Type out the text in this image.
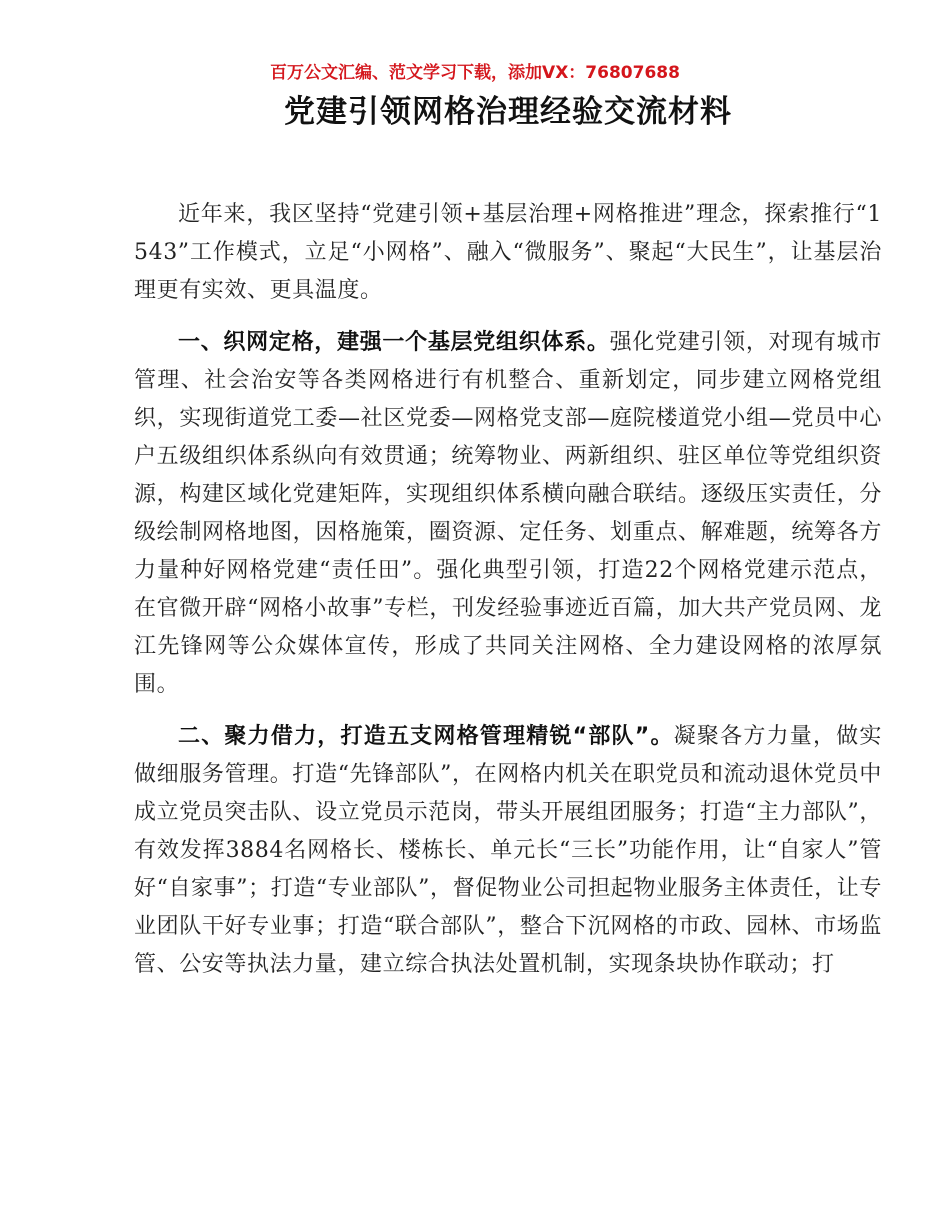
百万公文汇编、范文学习下载，添加VX：76807688
党建引领网格治理经验交流材料

近年来，我区坚持“党建引领+基层治理+网格推进”理念，探索推行“1543”工作模式，立足“小网格”、融入“微服务”、聚起“大民生”，让基层治理更有实效、更具温度。

一、织网定格，建强一个基层党组织体系。强化党建引领，对现有城市管理、社会治安等各类网格进行有机整合、重新划定，同步建立网格党组织，实现街道党工委—社区党委—网格党支部—庭院楼道党小组—党员中心户五级组织体系纵向有效贯通；统筹物业、两新组织、驻区单位等党组织资源，构建区域化党建矩阵，实现组织体系横向融合联结。逐级压实责任，分级绘制网格地图，因格施策，圈资源、定任务、划重点、解难题，统筹各方力量种好网格党建“责任田”。强化典型引领，打造22个网格党建示范点，在官微开辟“网格小故事”专栏，刊发经验事迹近百篇，加大共产党员网、龙江先锋网等公众媒体宣传，形成了共同关注网格、全力建设网格的浓厚氛围。

二、聚力借力，打造五支网格管理精锐“部队”。凝聚各方力量，做实做细服务管理。打造“先锋部队”，在网格内机关在职党员和流动退休党员中成立党员突击队、设立党员示范岗，带头开展组团服务；打造“主力部队”，有效发挥3884名网格长、楼栋长、单元长“三长”功能作用，让“自家人”管好“自家事”；打造“专业部队”，督促物业公司担起物业服务主体责任，让专业团队干好专业事；打造“联合部队”，整合下沉网格的市政、园林、市场监管、公安等执法力量，建立综合执法处置机制，实现条块协作联动；打
